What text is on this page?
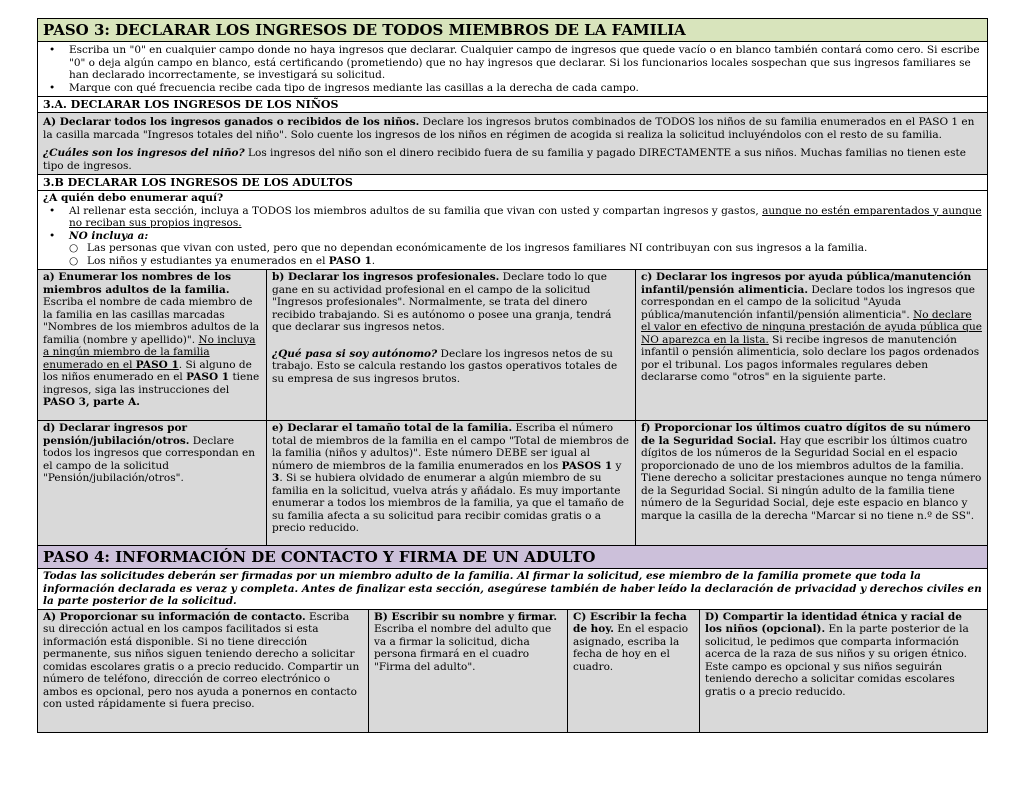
PASO 3: DECLARAR LOS INGRESOS DE TODOS MIEMBROS DE LA FAMILIA
• Escriba un "0" en cualquier campo donde no haya ingresos que declarar. Cualquier campo de ingresos que quede vacío o en blanco también contará como cero. Si escribe "0" o deja algún campo en blanco, está certificando (prometiendo) que no hay ingresos que declarar. Si los funcionarios locales sospechan que sus ingresos familiares se han declarado incorrectamente, se investigará su solicitud.
• Marque con qué frecuencia recibe cada tipo de ingresos mediante las casillas a la derecha de cada campo.
3.A. DECLARAR LOS INGRESOS DE LOS NIÑOS

A) Declarar todos los ingresos ganados o recibidos de los niños. Declare los ingresos brutos combinados de TODOS los niños de su familia enumerados en el PASO 1 en la casilla marcada "Ingresos totales del niño". Solo cuente los ingresos de los niños en régimen de acogida si realiza la solicitud incluyéndolos con el resto de su familia.

¿Cuáles son los ingresos del niño? Los ingresos del niño son el dinero recibido fuera de su familia y pagado DIRECTAMENTE a sus niños. Muchas familias no tienen este tipo de ingresos.

3.B DECLARAR LOS INGRESOS DE LOS ADULTOS

¿A quién debo enumerar aquí?

• Al rellenar esta sección, incluya a TODOS los miembros adultos de su familia que vivan con usted y compartan ingresos y gastos, aunque no estén emparentados y aunque no reciban sus propios ingresos.
• NO incluya a:
○ Las personas que vivan con usted, pero que no dependan económicamente de los ingresos familiares NI contribuyan con sus ingresos a la familia.
○ Los niños y estudiantes ya enumerados en el PASO 1.
a) Enumerar los nombres de los miembros adultos de la familia. Escriba el nombre de cada miembro de la familia en las casillas marcadas "Nombres de los miembros adultos de la familia (nombre y apellido)". No incluya a ningún miembro de la familia enumerado en el PASO 1. Si alguno de los niños enumerado en el PASO 1 tiene ingresos, siga las instrucciones del PASO 3, parte A.

b) Declarar los ingresos profesionales. Declare todo lo que gane en su actividad profesional en el campo de la solicitud "Ingresos profesionales". Normalmente, se trata del dinero recibido trabajando. Si es autónomo o posee una granja, tendrá que declarar sus ingresos netos.

¿Qué pasa si soy autónomo? Declare los ingresos netos de su trabajo. Esto se calcula restando los gastos operativos totales de su empresa de sus ingresos brutos.

c) Declarar los ingresos por ayuda pública/manutención infantil/pensión alimenticia. Declare todos los ingresos que correspondan en el campo de la solicitud "Ayuda pública/manutención infantil/pensión alimenticia". No declare el valor en efectivo de ninguna prestación de ayuda pública que NO aparezca en la lista. Si recibe ingresos de manutención infantil o pensión alimenticia, solo declare los pagos ordenados por el tribunal. Los pagos informales regulares deben declararse como "otros" en la siguiente parte.
d) Declarar ingresos por pensión/jubilación/otros. Declare todos los ingresos que correspondan en el campo de la solicitud "Pensión/jubilación/otros".
e) Declarar el tamaño total de la familia. Escriba el número total de miembros de la familia en el campo "Total de miembros de la familia (niños y adultos)". Este número DEBE ser igual al número de miembros de la familia enumerados en los PASOS 1 y 3. Si se hubiera olvidado de enumerar a algún miembro de su familia en la solicitud, vuelva atrás y añádalo. Es muy importante enumerar a todos los miembros de la familia, ya que el tamaño de su familia afecta a su solicitud para recibir comidas gratis o a precio reducido.
f) Proporcionar los últimos cuatro dígitos de su número de la Seguridad Social. Hay que escribir los últimos cuatro dígitos de los números de la Seguridad Social en el espacio proporcionado de uno de los miembros adultos de la familia. Tiene derecho a solicitar prestaciones aunque no tenga número de la Seguridad Social. Si ningún adulto de la familia tiene número de la Seguridad Social, deje este espacio en blanco y marque la casilla de la derecha "Marcar si no tiene n.º de SS".
PASO 4: INFORMACIÓN DE CONTACTO Y FIRMA DE UN ADULTO
Todas las solicitudes deberán ser firmadas por un miembro adulto de la familia. Al firmar la solicitud, ese miembro de la familia promete que toda la información declarada es veraz y completa. Antes de finalizar esta sección, asegúrese también de haber leído la declaración de privacidad y derechos civiles en la parte posterior de la solicitud.
A) Proporcionar su información de contacto. Escriba su dirección actual en los campos facilitados si esta información está disponible. Si no tiene dirección permanente, sus niños siguen teniendo derecho a solicitar comidas escolares gratis o a precio reducido. Compartir un número de teléfono, dirección de correo electrónico o ambos es opcional, pero nos ayuda a ponernos en contacto con usted rápidamente si fuera preciso.
B) Escribir su nombre y firmar. Escriba el nombre del adulto que va a firmar la solicitud, dicha persona firmará en el cuadro "Firma del adulto".
C) Escribir la fecha de hoy. En el espacio asignado, escriba la fecha de hoy en el cuadro.
D) Compartir la identidad étnica y racial de los niños (opcional). En la parte posterior de la solicitud, le pedimos que comparta información acerca de la raza de sus niños y su origen étnico. Este campo es opcional y sus niños seguirán teniendo derecho a solicitar comidas escolares gratis o a precio reducido.
